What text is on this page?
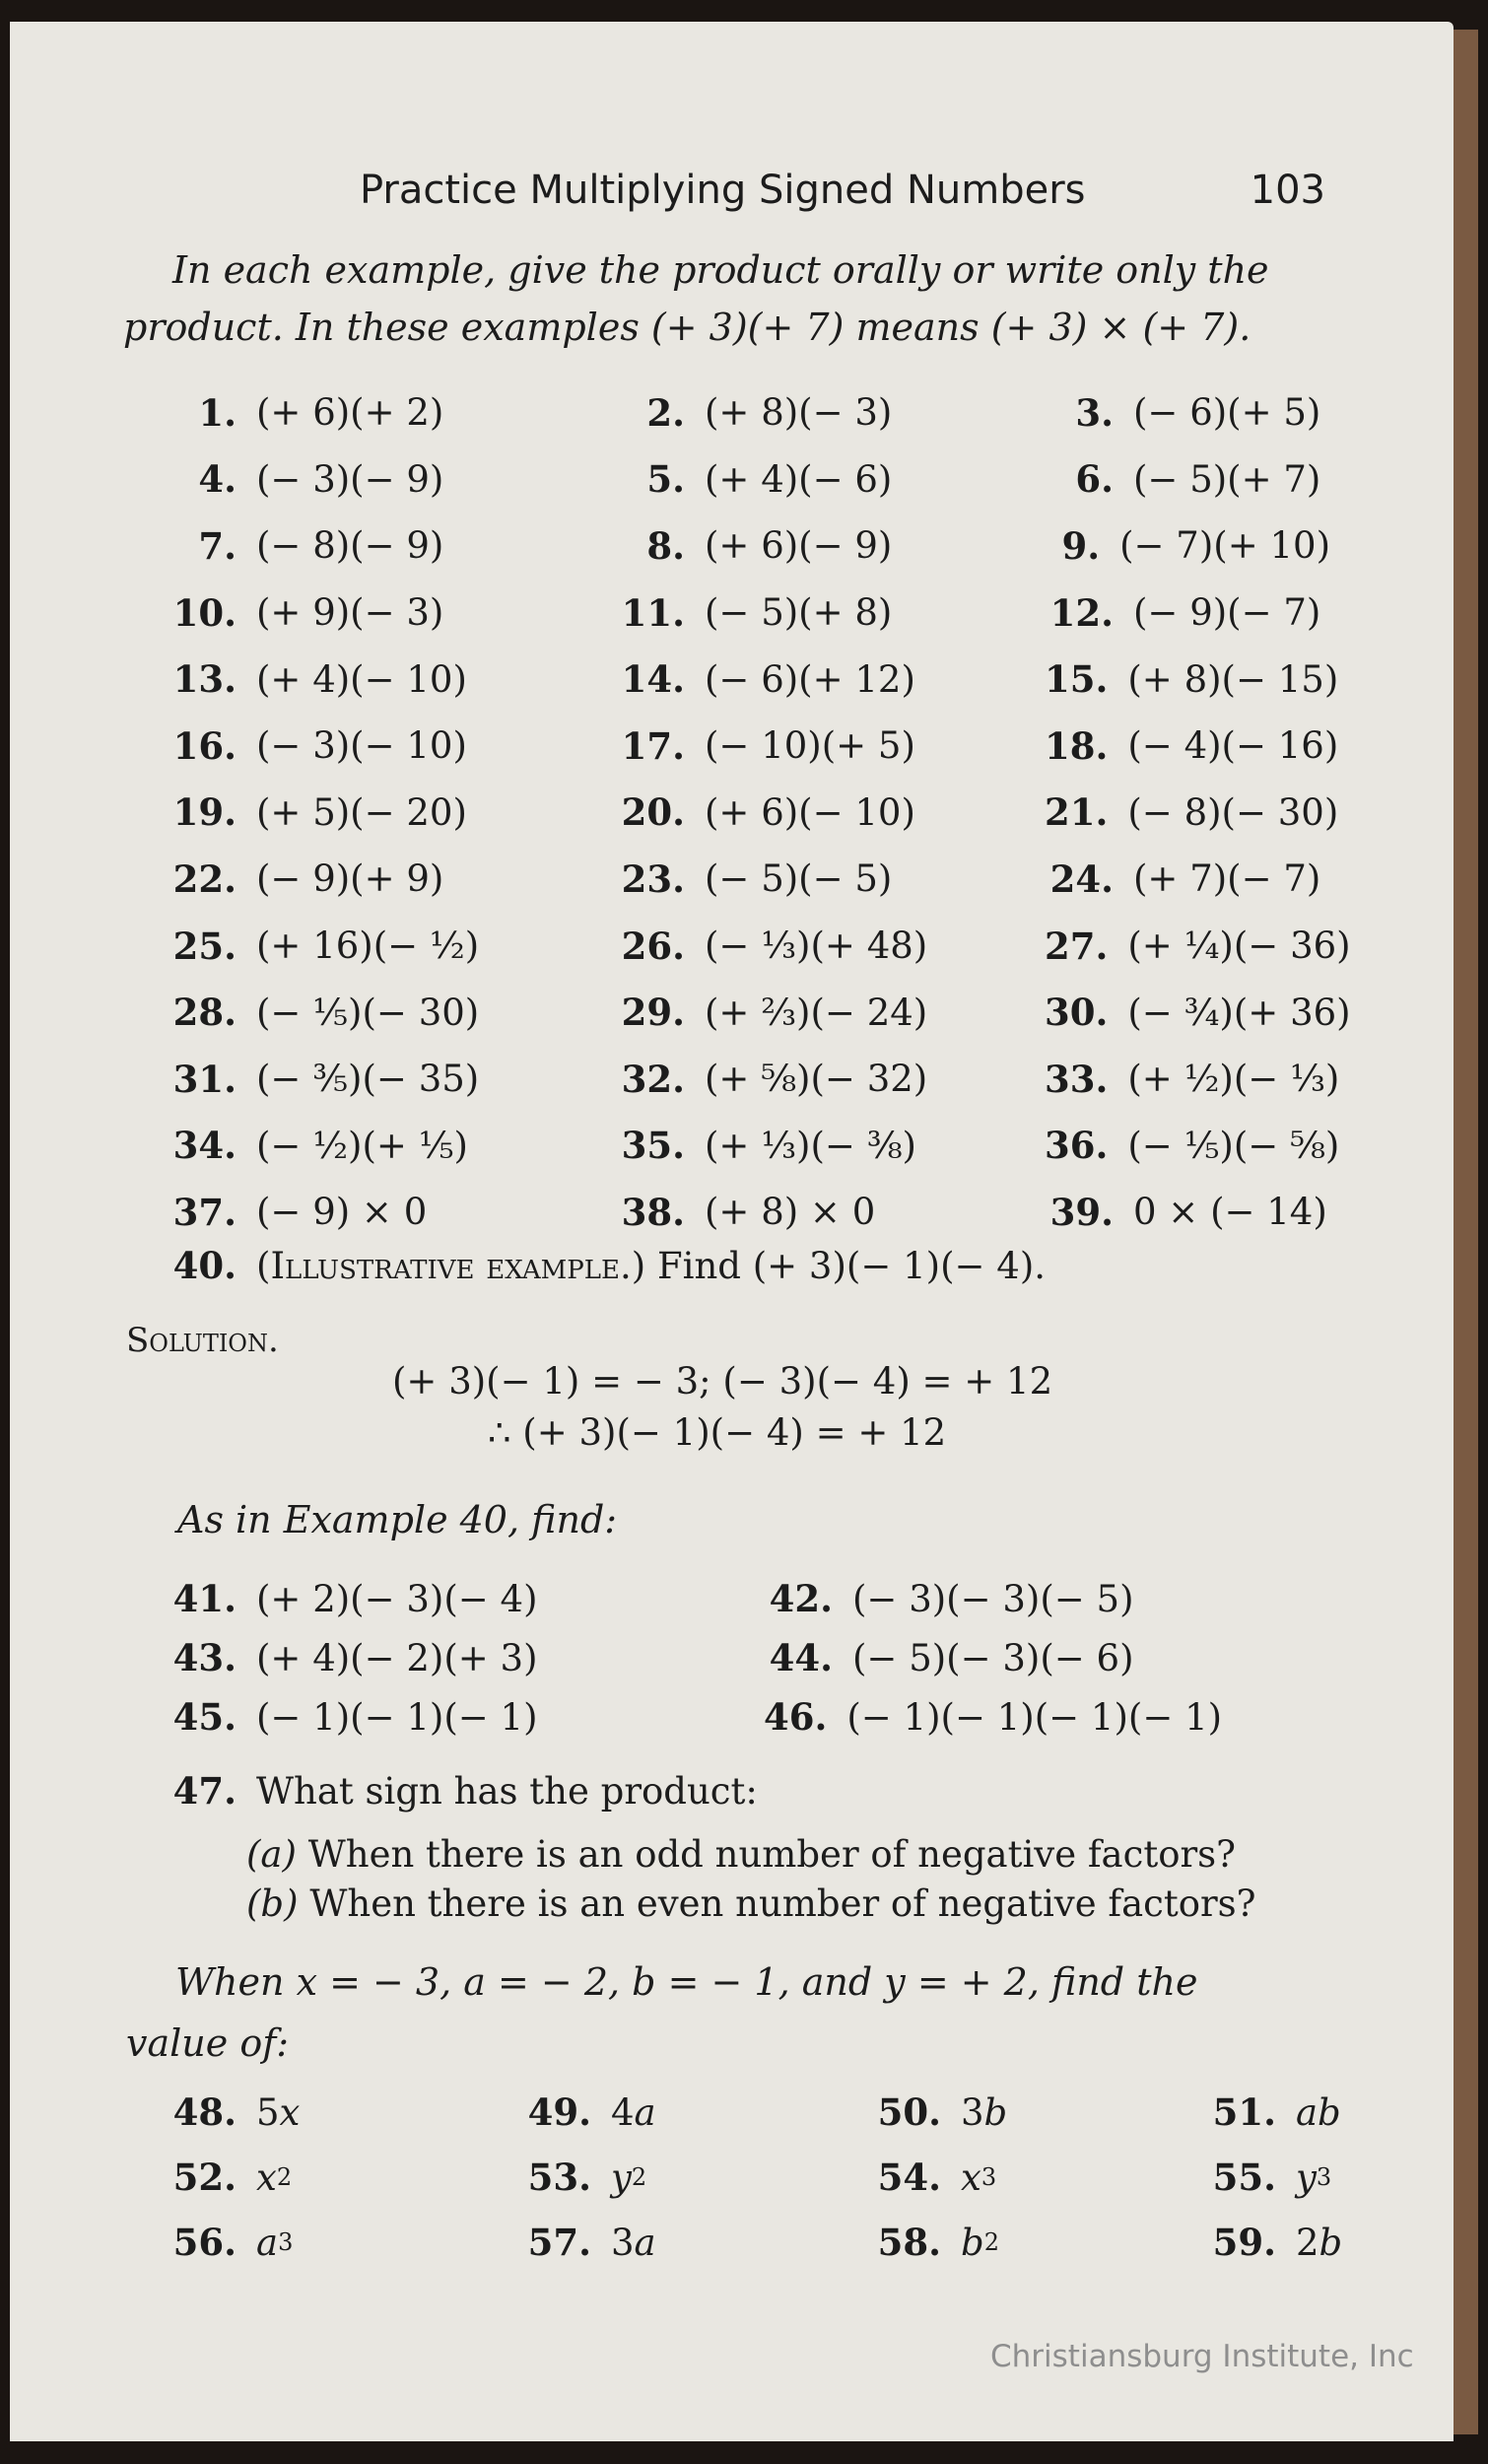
Practice Multiplying Signed Numbers	103
In each example, give the product orally or write only the
product. In these examples (+ 3)(+ 7) means (+ 3) × (+ 7).
1. (+ 6)(+ 2)	2. (+ 8)(− 3)	3. (− 6)(+ 5)
4. (− 3)(− 9)	5. (+ 4)(− 6)	6. (− 5)(+ 7)
7. (− 8)(− 9)	8. (+ 6)(− 9)	9. (− 7)(+ 10)
10. (+ 9)(− 3)	11. (− 5)(+ 8)	12. (− 9)(− 7)
13. (+ 4)(− 10)	14. (− 6)(+ 12)	15. (+ 8)(− 15)
16. (− 3)(− 10)	17. (− 10)(+ 5)	18. (− 4)(− 16)
19. (+ 5)(− 20)	20. (+ 6)(− 10)	21. (− 8)(− 30)
22. (− 9)(+ 9)	23. (− 5)(− 5)	24. (+ 7)(− 7)
25. (+ 16)(− ½)	26. (− ⅓)(+ 48)	27. (+ ¼)(− 36)
28. (− ⅕)(− 30)	29. (+ ⅔)(− 24)	30. (− ¾)(+ 36)
31. (− ⅗)(− 35)	32. (+ ⅝)(− 32)	33. (+ ½)(− ⅓)
34. (− ½)(+ ⅕)	35. (+ ⅓)(− ⅜)	36. (− ⅕)(− ⅝)
37. (− 9) × 0	38. (+ 8) × 0	39. 0 × (− 14)
40. (Illustrative example.) Find (+ 3)(− 1)(− 4).
Solution.
(+ 3)(− 1) = − 3; (− 3)(− 4) = + 12
∴ (+ 3)(− 1)(− 4) = + 12
As in Example 40, find:
41. (+ 2)(− 3)(− 4)	42. (− 3)(− 3)(− 5)
43. (+ 4)(− 2)(+ 3)	44. (− 5)(− 3)(− 6)
45. (− 1)(− 1)(− 1)	46. (− 1)(− 1)(− 1)(− 1)
47. What sign has the product:
(a) When there is an odd number of negative factors?
(b) When there is an even number of negative factors?
When x = − 3, a = − 2, b = − 1, and y = + 2, find the
value of:
48. 5 x	49. 4 a	50. 3 b	51. ab
52. x 2	53. y 2	54. x 3	55. y 3
56. a 3	57. 3 a	58. b 2	59. 2 b
Christiansburg Institute, Inc
